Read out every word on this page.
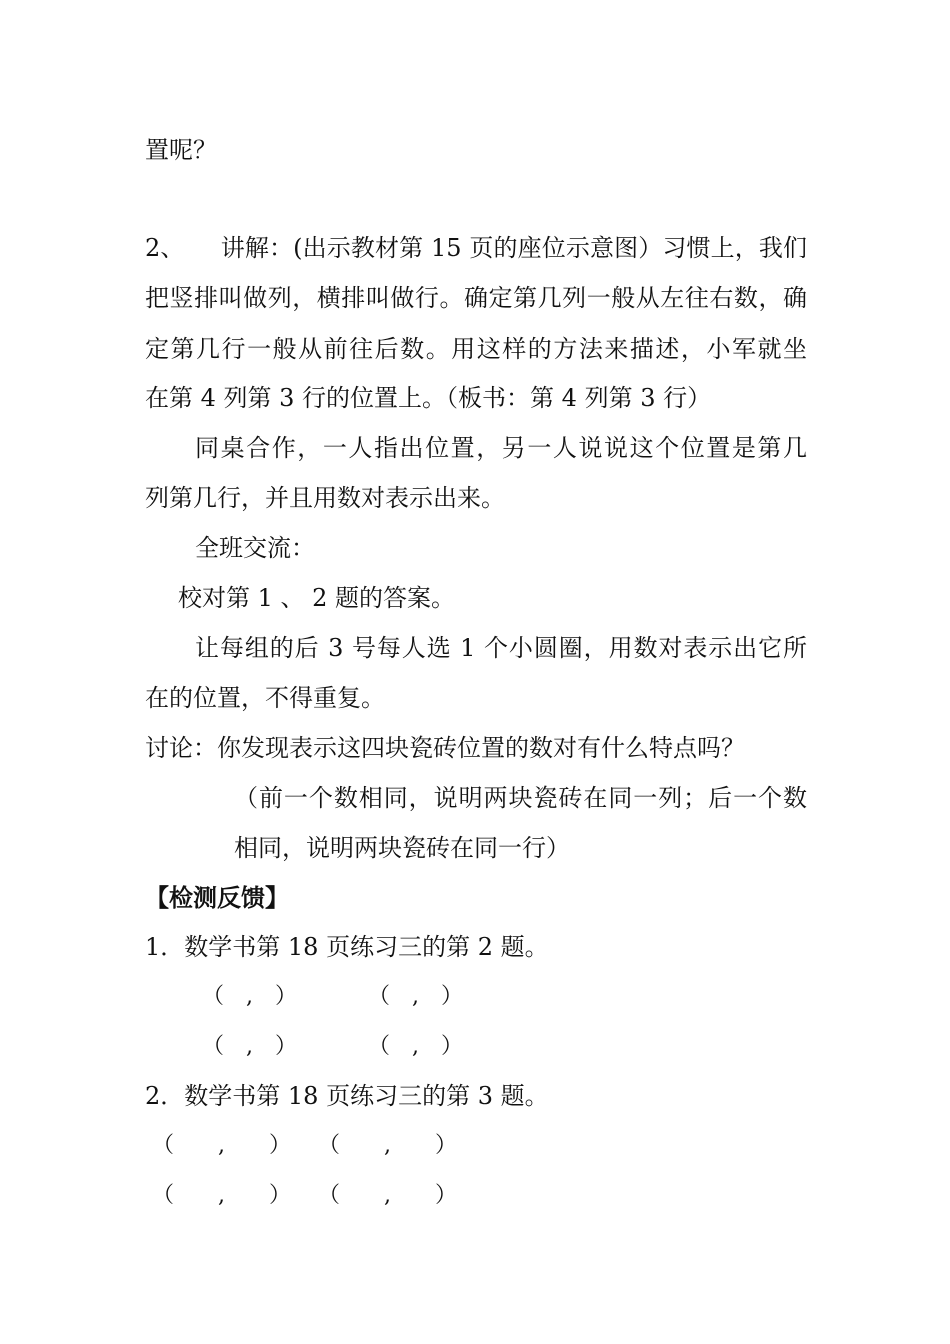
置呢？
2、　　讲解：(出示教材第 15 页的座位示意图）习惯上，我们
把竖排叫做列，横排叫做行。确定第几列一般从左往右数，确
定第几行一般从前往后数。用这样的方法来描述，小军就坐
在第 4 列第 3 行的位置上。（板书：第 4 列第 3 行）
同桌合作，一人指出位置，另一人说说这个位置是第几
列第几行，并且用数对表示出来。
全班交流：
校对第 1 、 2 题的答案。
让每组的后 3 号每人选 1 个小圆圈，用数对表示出它所
在的位置，不得重复。
讨论：你发现表示这四块瓷砖位置的数对有什么特点吗？
（前一个数相同，说明两块瓷砖在同一列；后一个数
相同，说明两块瓷砖在同一行）
【检测反馈】
1．数学书第 18 页练习三的第 2 题。
（　,　）	（　,　）
（　,　）	（　,　）
2．数学书第 18 页练习三的第 3 题。
（　　,　　） （　　,　　）
（　　,　　） （　　,　　）
